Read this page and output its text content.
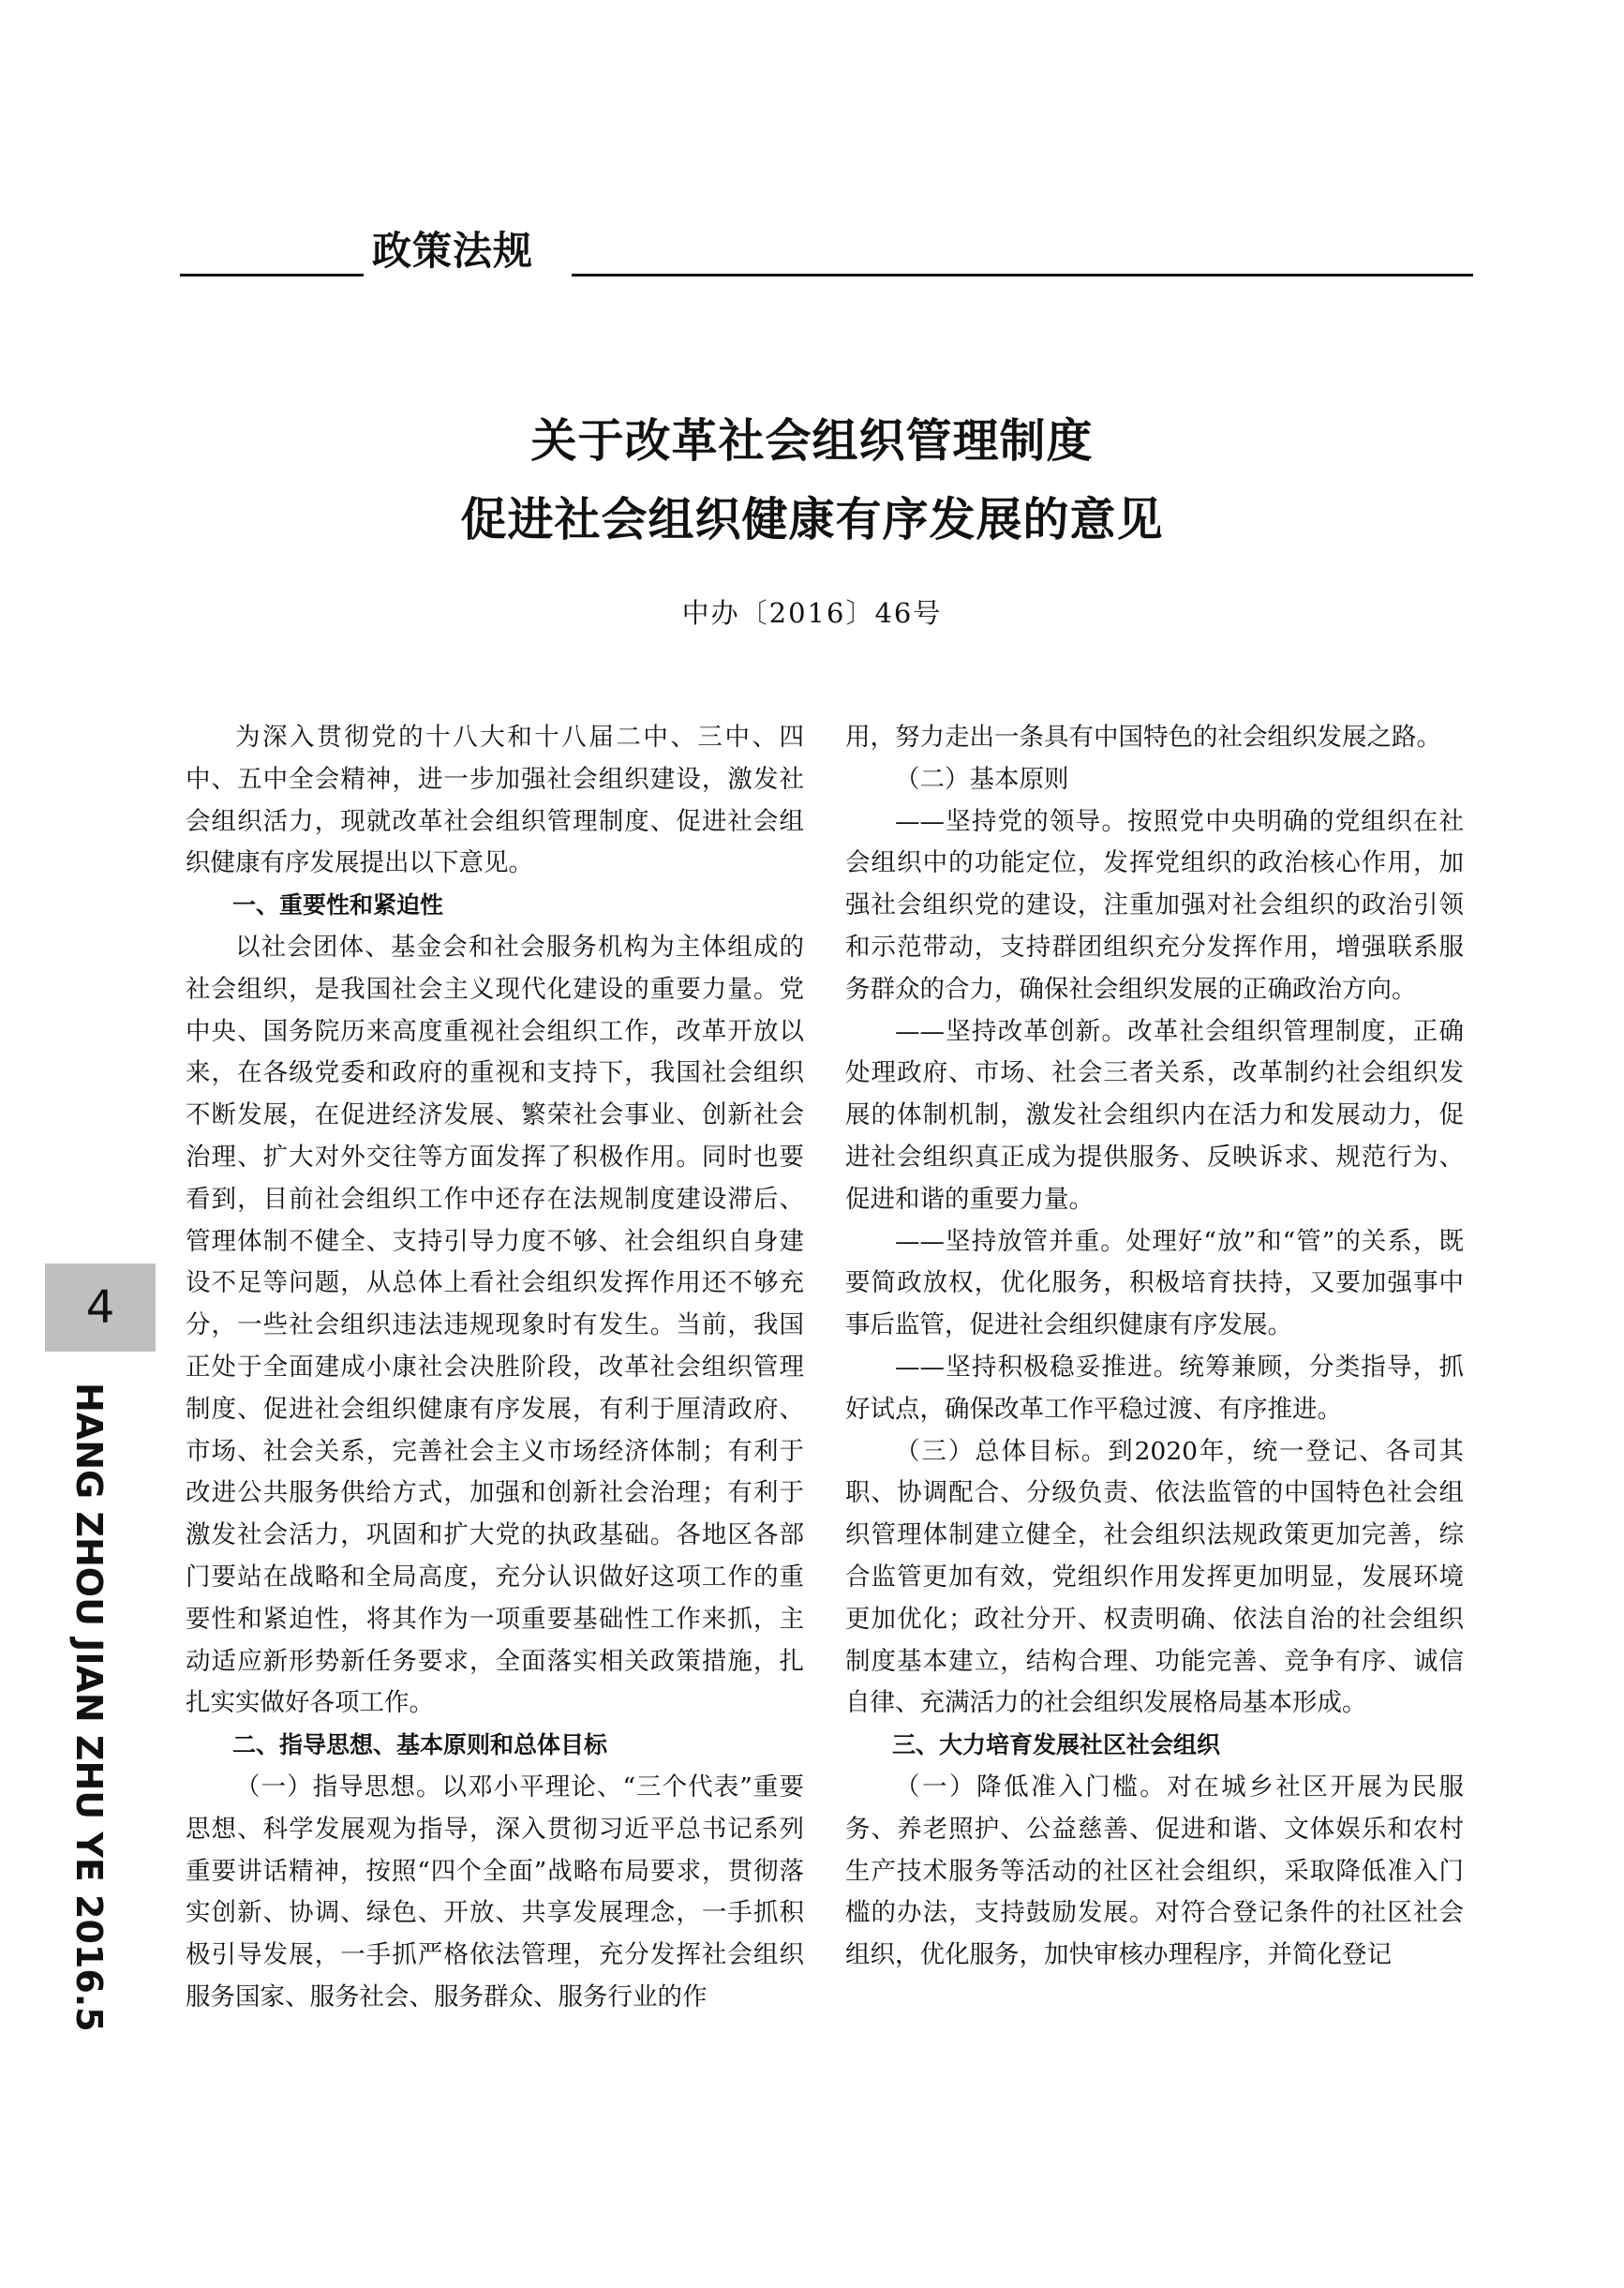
政策法规
关于改革社会组织管理制度
促进社会组织健康有序发展的意见
中办〔2016〕46号

为深入贯彻党的十八大和十八届二中、三中、四中、五中全会精神，进一步加强社会组织建设，激发社会组织活力，现就改革社会组织管理制度、促进社会组织健康有序发展提出以下意见。

一、重要性和紧迫性

以社会团体、基金会和社会服务机构为主体组成的社会组织，是我国社会主义现代化建设的重要力量。党中央、国务院历来高度重视社会组织工作，改革开放以来，在各级党委和政府的重视和支持下，我国社会组织不断发展，在促进经济发展、繁荣社会事业、创新社会治理、扩大对外交往等方面发挥了积极作用。同时也要看到，目前社会组织工作中还存在法规制度建设滞后、管理体制不健全、支持引导力度不够、社会组织自身建设不足等问题，从总体上看社会组织发挥作用还不够充分，一些社会组织违法违规现象时有发生。当前，我国正处于全面建成小康社会决胜阶段，改革社会组织管理制度、促进社会组织健康有序发展，有利于厘清政府、市场、社会关系，完善社会主义市场经济体制；有利于改进公共服务供给方式，加强和创新社会治理；有利于激发社会活力，巩固和扩大党的执政基础。各地区各部门要站在战略和全局高度，充分认识做好这项工作的重要性和紧迫性，将其作为一项重要基础性工作来抓，主动适应新形势新任务要求，全面落实相关政策措施，扎扎实实做好各项工作。

二、指导思想、基本原则和总体目标

（一）指导思想。以邓小平理论、“三个代表”重要思想、科学发展观为指导，深入贯彻习近平总书记系列重要讲话精神，按照“四个全面”战略布局要求，贯彻落实创新、协调、绿色、开放、共享发展理念，一手抓积极引导发展，一手抓严格依法管理，充分发挥社会组织服务国家、服务社会、服务群众、服务行业的作

用，努力走出一条具有中国特色的社会组织发展之路。

（二）基本原则

——坚持党的领导。按照党中央明确的党组织在社会组织中的功能定位，发挥党组织的政治核心作用，加强社会组织党的建设，注重加强对社会组织的政治引领和示范带动，支持群团组织充分发挥作用，增强联系服务群众的合力，确保社会组织发展的正确政治方向。

——坚持改革创新。改革社会组织管理制度，正确处理政府、市场、社会三者关系，改革制约社会组织发展的体制机制，激发社会组织内在活力和发展动力，促进社会组织真正成为提供服务、反映诉求、规范行为、促进和谐的重要力量。

——坚持放管并重。处理好“放”和“管”的关系，既要简政放权，优化服务，积极培育扶持，又要加强事中事后监管，促进社会组织健康有序发展。

——坚持积极稳妥推进。统筹兼顾，分类指导，抓好试点，确保改革工作平稳过渡、有序推进。

（三）总体目标。到2020年，统一登记、各司其职、协调配合、分级负责、依法监管的中国特色社会组织管理体制建立健全，社会组织法规政策更加完善，综合监管更加有效，党组织作用发挥更加明显，发展环境更加优化；政社分开、权责明确、依法自治的社会组织制度基本建立，结构合理、功能完善、竞争有序、诚信自律、充满活力的社会组织发展格局基本形成。

三、大力培育发展社区社会组织

（一）降低准入门槛。对在城乡社区开展为民服务、养老照护、公益慈善、促进和谐、文体娱乐和农村生产技术服务等活动的社区社会组织，采取降低准入门槛的办法，支持鼓励发展。对符合登记条件的社区社会组织，优化服务，加快审核办理程序，并简化登记

4
HANG ZHOU JIAN ZHU YE 2016.5
